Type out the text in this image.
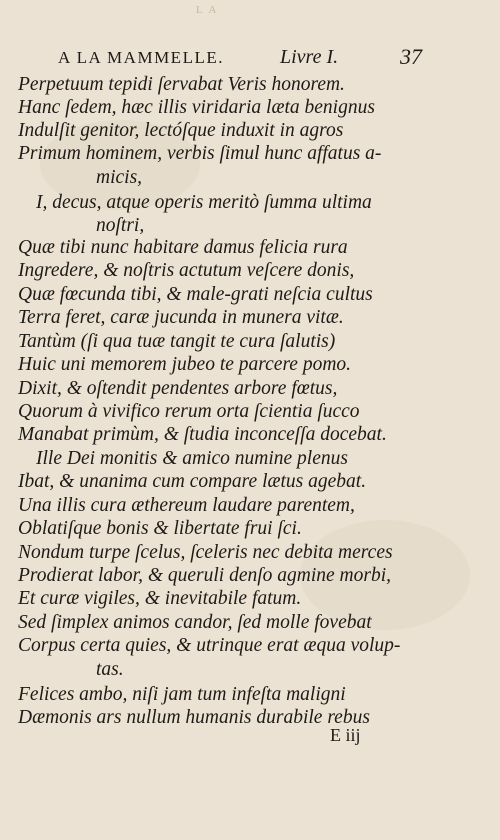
L A
A LA MAMMELLE.	Livre I.	37
Perpetuum tepidi ſervabat Veris honorem.
Hanc ſedem, hæc illis viridaria læta benignus
Indulſit genitor, lectóſque induxit in agros
Primum hominem, verbis ſimul hunc affatus a-
micis,
I, decus, atque operis meritò ſumma ultima
noſtri,
Quæ tibi nunc habitare damus felicia rura
Ingredere, & noſtris actutum veſcere donis,
Quæ fœcunda tibi, & male-grati neſcia cultus
Terra feret, caræ jucunda in munera vitæ.
Tantùm (ſi qua tuæ tangit te cura ſalutis)
Huic uni memorem jubeo te parcere pomo.
Dixit, & oſtendit pendentes arbore fœtus,
Quorum à vivifico rerum orta ſcientia ſucco
Manabat primùm, & ſtudia inconceſſa docebat.
Ille Dei monitis & amico numine plenus
Ibat, & unanima cum compare lætus agebat.
Una illis cura æthereum laudare parentem,
Oblatiſque bonis & libertate frui ſci.
Nondum turpe ſcelus, ſceleris nec debita merces
Prodierat labor, & queruli denſo agmine morbi,
Et curæ vigiles, & inevitabile fatum.
Sed ſimplex animos candor, ſed molle fovebat
Corpus certa quies, & utrinque erat æqua volup-
tas.
Felices ambo, niſi jam tum infeſta maligni
Dæmonis ars nullum humanis durabile rebus
E iij
